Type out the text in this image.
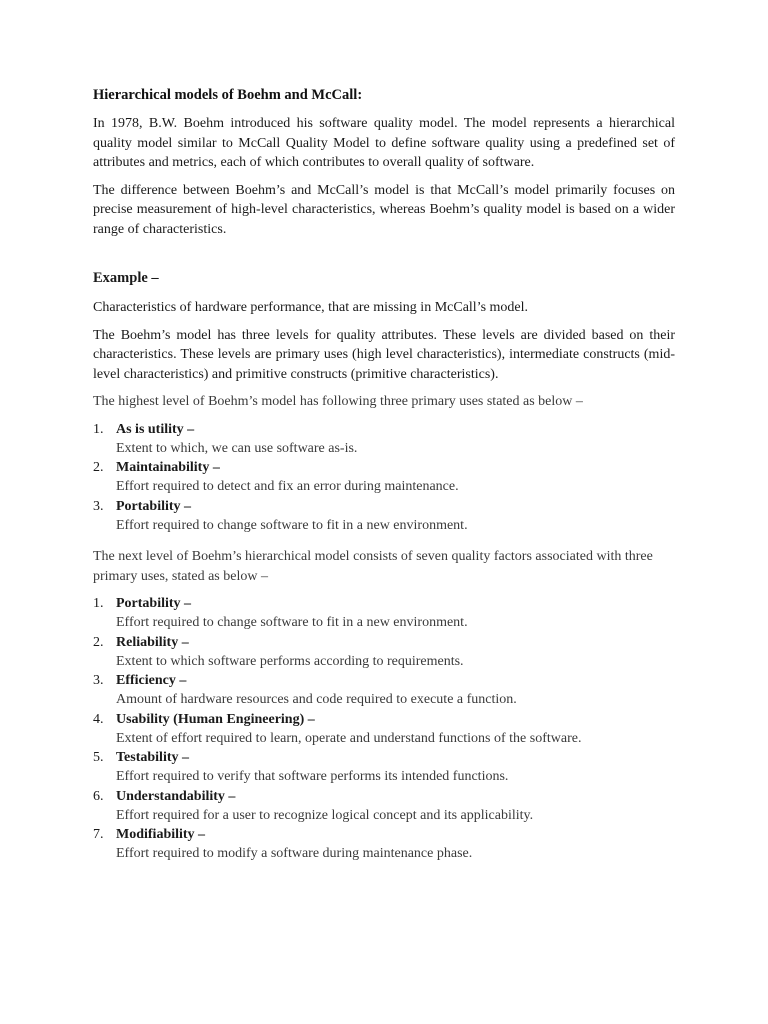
Hierarchical models of Boehm and McCall:

In 1978, B.W. Boehm introduced his software quality model. The model represents a hierarchical quality model similar to McCall Quality Model to define software quality using a predefined set of attributes and metrics, each of which contributes to overall quality of software.

The difference between Boehm’s and McCall’s model is that McCall’s model primarily focuses on precise measurement of high-level characteristics, whereas Boehm’s quality model is based on a wider range of characteristics.

Example –

Characteristics of hardware performance, that are missing in McCall’s model.

The Boehm’s model has three levels for quality attributes. These levels are divided based on their characteristics. These levels are primary uses (high level characteristics), intermediate constructs (mid-level characteristics) and primitive constructs (primitive characteristics).

The highest level of Boehm’s model has following three primary uses stated as below –

1. As is utility –
Extent to which, we can use software as-is.
2. Maintainability –
Effort required to detect and fix an error during maintenance.
3. Portability –
Effort required to change software to fit in a new environment.

The next level of Boehm’s hierarchical model consists of seven quality factors associated with three primary uses, stated as below –

1. Portability –
Effort required to change software to fit in a new environment.
2. Reliability –
Extent to which software performs according to requirements.
3. Efficiency –
Amount of hardware resources and code required to execute a function.
4. Usability (Human Engineering) –
Extent of effort required to learn, operate and understand functions of the software.
5. Testability –
Effort required to verify that software performs its intended functions.
6. Understandability –
Effort required for a user to recognize logical concept and its applicability.
7. Modifiability –
Effort required to modify a software during maintenance phase.
